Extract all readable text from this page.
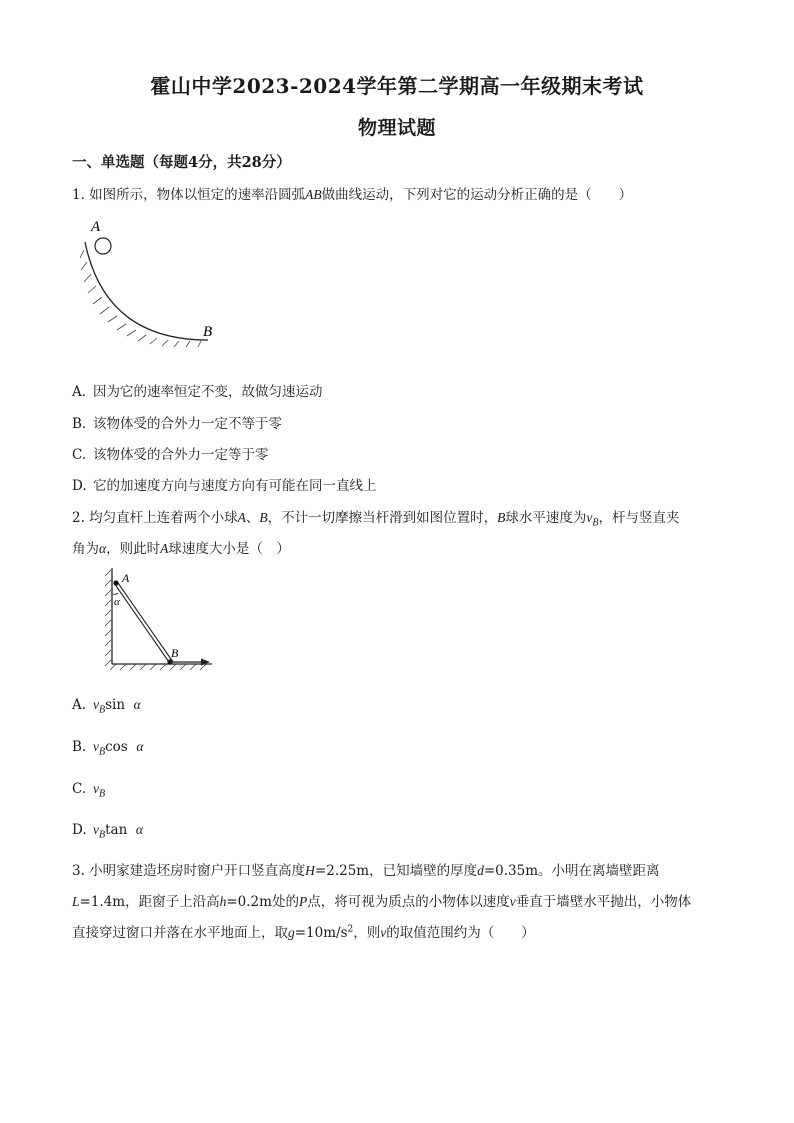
霍山中学2023-2024学年第二学期高一年级期末考试
物理试题
一、单选题（每题4分，共28分）
1. 如图所示，物体以恒定的速率沿圆弧AB做曲线运动，下列对它的运动分析正确的是（　　）
A
B
A. 因为它的速率恒定不变，故做匀速运动
B. 该物体受的合外力一定不等于零
C. 该物体受的合外力一定等于零
D. 它的加速度方向与速度方向有可能在同一直线上
2. 均匀直杆上连着两个小球A、B，不计一切摩擦当杆滑到如图位置时，B球水平速度为$v_B$，杆与竖直夹
角为α，则此时A球速度大小是（　）
A
α
B
A. $v_B\sin$ α
B. $v_B\cos$ α
C. $v_B$
D. $v_B\tan$ α
3. 小明家建造坯房时窗户开口竖直高度H=2.25m，已知墙壁的厚度d=0.35m。小明在离墙壁距离
L=1.4m，距窗子上沿高h=0.2m处的P点，将可视为质点的小物体以速度v垂直于墙壁水平抛出，小物体
直接穿过窗口并落在水平地面上，取$g=10m/s^2$，则v的取值范围约为（　　）
